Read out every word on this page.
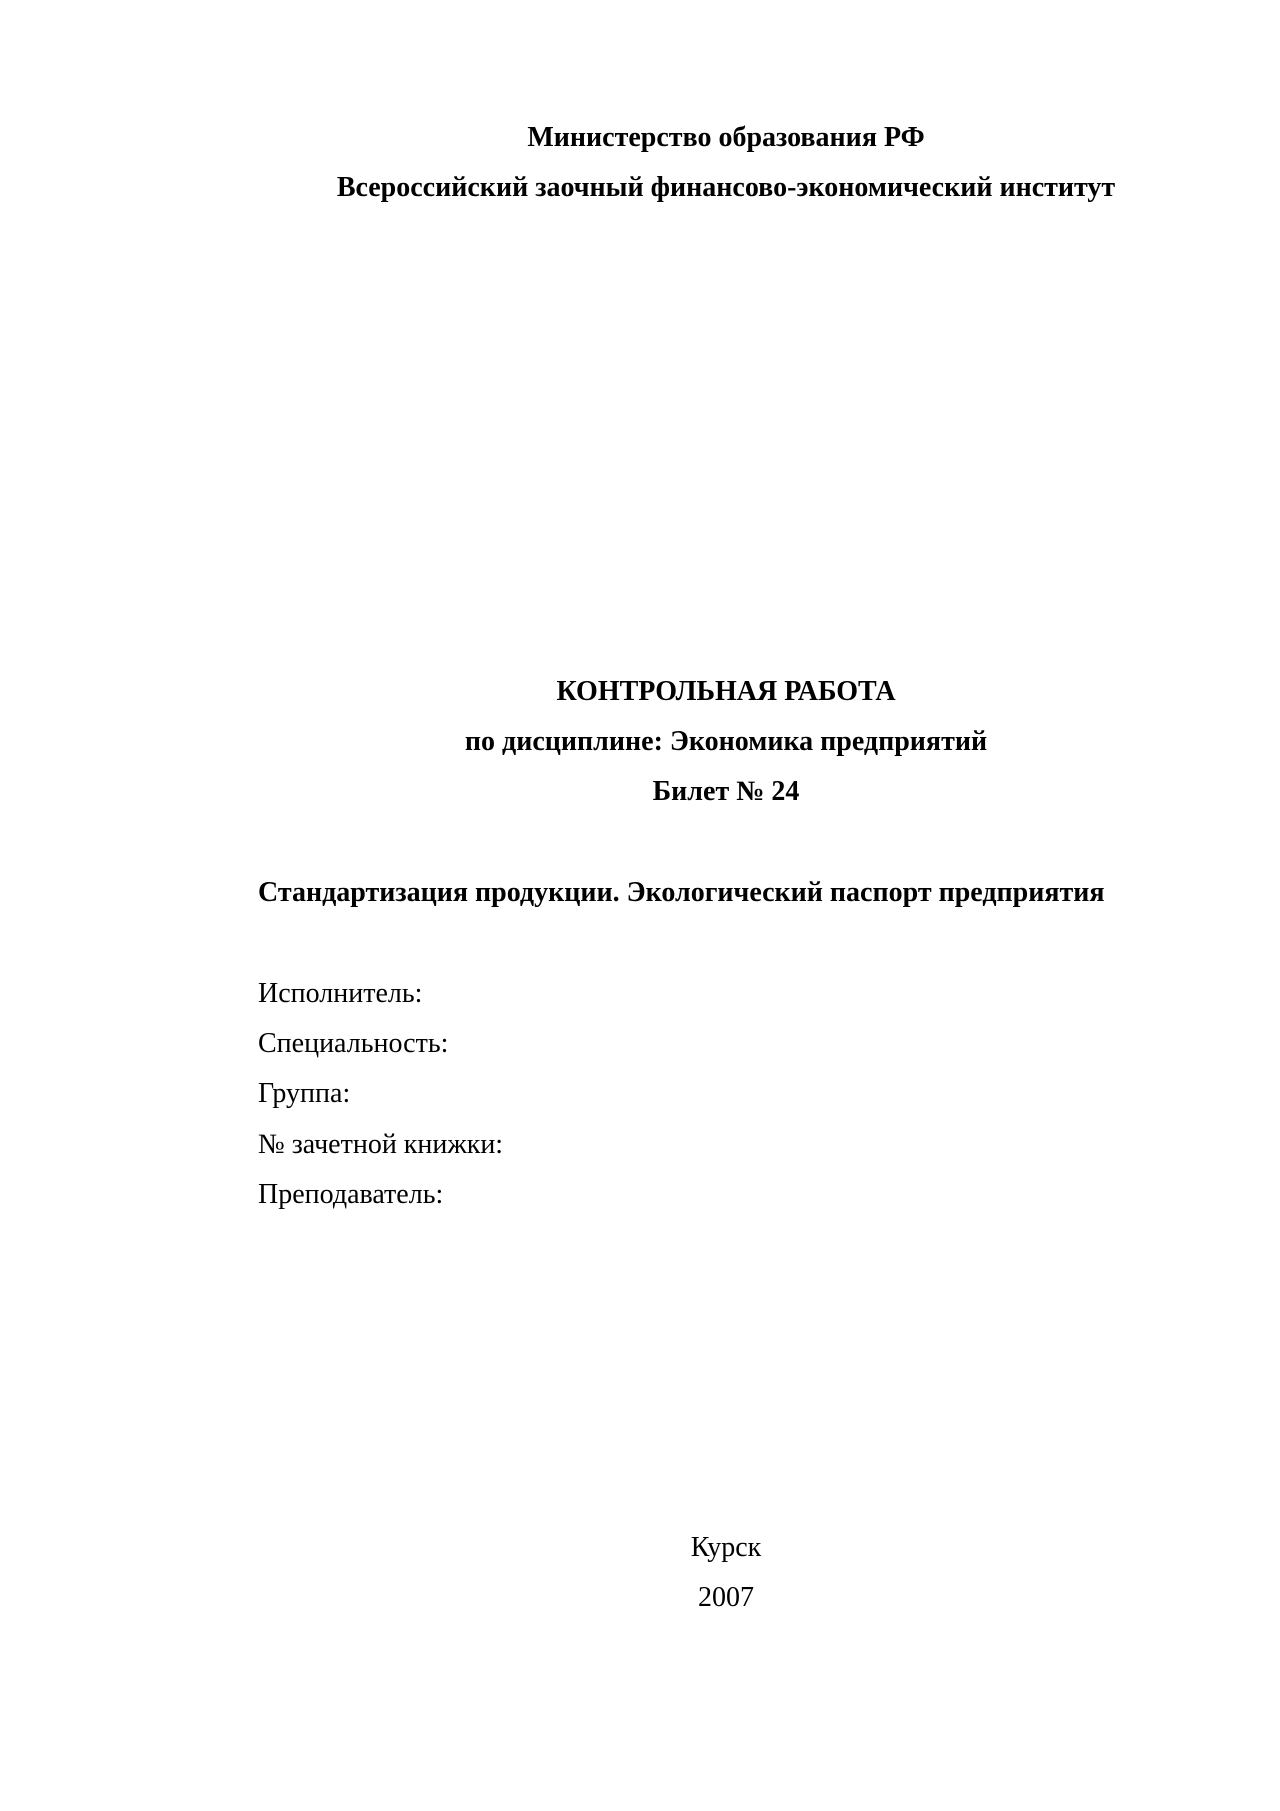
Министерство образования РФ
Всероссийский заочный финансово-экономический институт
КОНТРОЛЬНАЯ РАБОТА
по дисциплине: Экономика предприятий
Билет № 24
Стандартизация продукции. Экологический паспорт предприятия
Исполнитель:
Специальность:
Группа:
№ зачетной книжки:
Преподаватель:
Курск
2007
